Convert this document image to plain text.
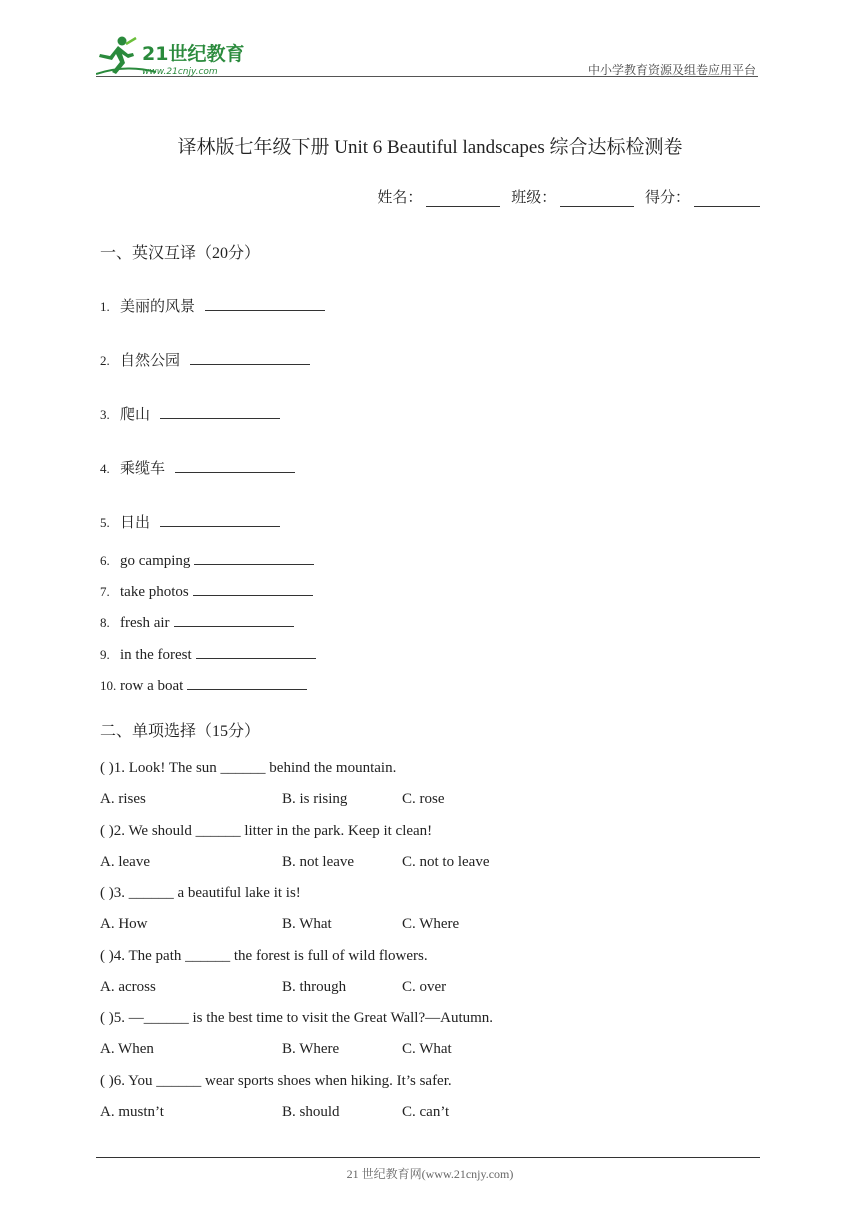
21世纪教育
www.21cnjy.com	中小学教育资源及组卷应用平台
译林版七年级下册 Unit 6 Beautiful landscapes 综合达标检测卷
姓名：	班级：	得分：
一、英汉互译（20分）
1. 美丽的风景
2. 自然公园
3. 爬山
4. 乘缆车
5. 日出
6. go camping
7. take photos
8. fresh air
9. in the forest
10. row a boat
二、单项选择（15分）
( )1. Look! The sun ______ behind the mountain.
A. rises	B. is rising	C. rose
( )2. We should ______ litter in the park. Keep it clean!
A. leave	B. not leave	C. not to leave
( )3. ______ a beautiful lake it is!
A. How	B. What	C. Where
( )4. The path ______ the forest is full of wild flowers.
A. across	B. through	C. over
( )5. —______ is the best time to visit the Great Wall?—Autumn.
A. When	B. Where	C. What
( )6. You ______ wear sports shoes when hiking. It’s safer.
A. mustn’t	B. should	C. can’t
21 世纪教育网(www.21cnjy.com)
